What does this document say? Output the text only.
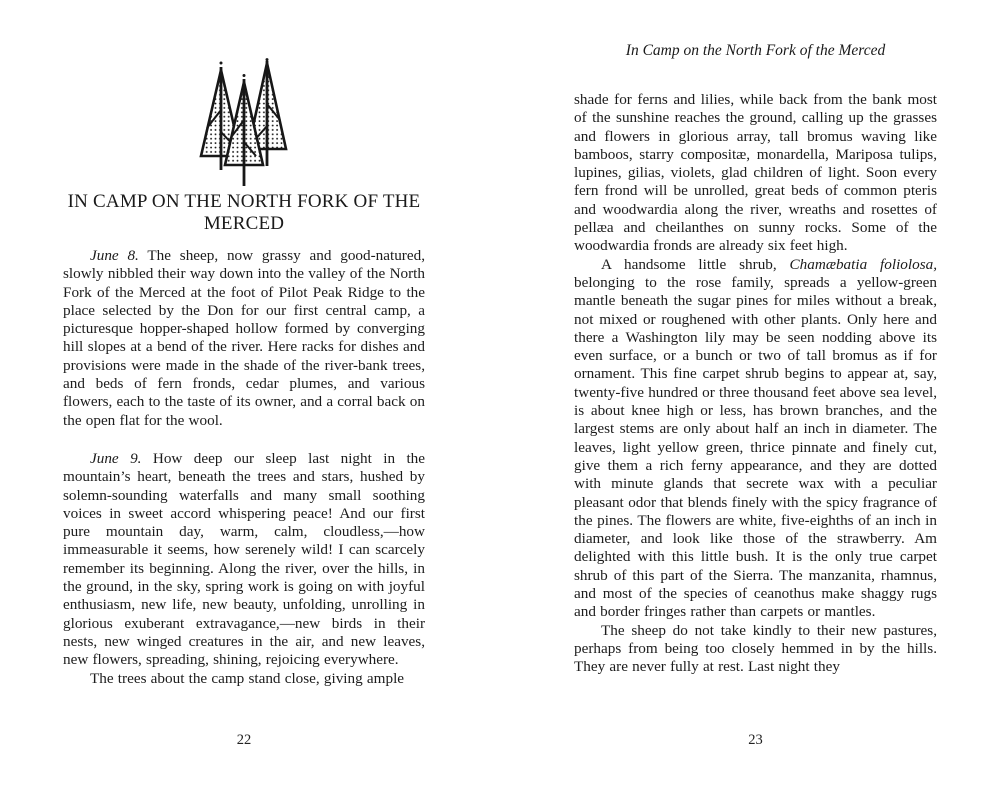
IN CAMP ON THE NORTH FORK OF THE MERCED

June 8. The sheep, now grassy and good-natured, slowly nibbled their way down into the valley of the North Fork of the Merced at the foot of Pilot Peak Ridge to the place selected by the Don for our first central camp, a picturesque hopper-shaped hollow formed by converging hill slopes at a bend of the river. Here racks for dishes and provisions were made in the shade of the river-bank trees, and beds of fern fronds, cedar plumes, and various flowers, each to the taste of its owner, and a corral back on the open flat for the wool.

June 9. How deep our sleep last night in the mountain’s heart, beneath the trees and stars, hushed by solemn-sounding waterfalls and many small soothing voices in sweet accord whispering peace! And our first pure mountain day, warm, calm, cloudless,—how immeasurable it seems, how serenely wild! I can scarcely remember its beginning. Along the river, over the hills, in the ground, in the sky, spring work is going on with joyful enthusiasm, new life, new beauty, unfolding, unrolling in glorious exuberant extravagance,—new birds in their nests, new winged creatures in the air, and new leaves, new flowers, spreading, shining, rejoicing everywhere.

The trees about the camp stand close, giving ample

22
In Camp on the North Fork of the Merced

shade for ferns and lilies, while back from the bank most of the sunshine reaches the ground, calling up the grasses and flowers in glorious array, tall bromus waving like bamboos, starry compositæ, monardella, Mariposa tulips, lupines, gilias, violets, glad children of light. Soon every fern frond will be unrolled, great beds of common pteris and woodwardia along the river, wreaths and rosettes of pellæa and cheilanthes on sunny rocks. Some of the woodwardia fronds are already six feet high.

A handsome little shrub, Chamæbatia foliolosa, belonging to the rose family, spreads a yellow-green mantle beneath the sugar pines for miles without a break, not mixed or roughened with other plants. Only here and there a Washington lily may be seen nodding above its even surface, or a bunch or two of tall bromus as if for ornament. This fine carpet shrub begins to appear at, say, twenty-five hundred or three thousand feet above sea level, is about knee high or less, has brown branches, and the largest stems are only about half an inch in diameter. The leaves, light yellow green, thrice pinnate and finely cut, give them a rich ferny appearance, and they are dotted with minute glands that secrete wax with a peculiar pleasant odor that blends finely with the spicy fragrance of the pines. The flowers are white, five-eighths of an inch in diameter, and look like those of the strawberry. Am delighted with this little bush. It is the only true carpet shrub of this part of the Sierra. The manzanita, rhamnus, and most of the species of ceanothus make shaggy rugs and border fringes rather than carpets or mantles.

The sheep do not take kindly to their new pastures, perhaps from being too closely hemmed in by the hills. They are never fully at rest. Last night they

23
